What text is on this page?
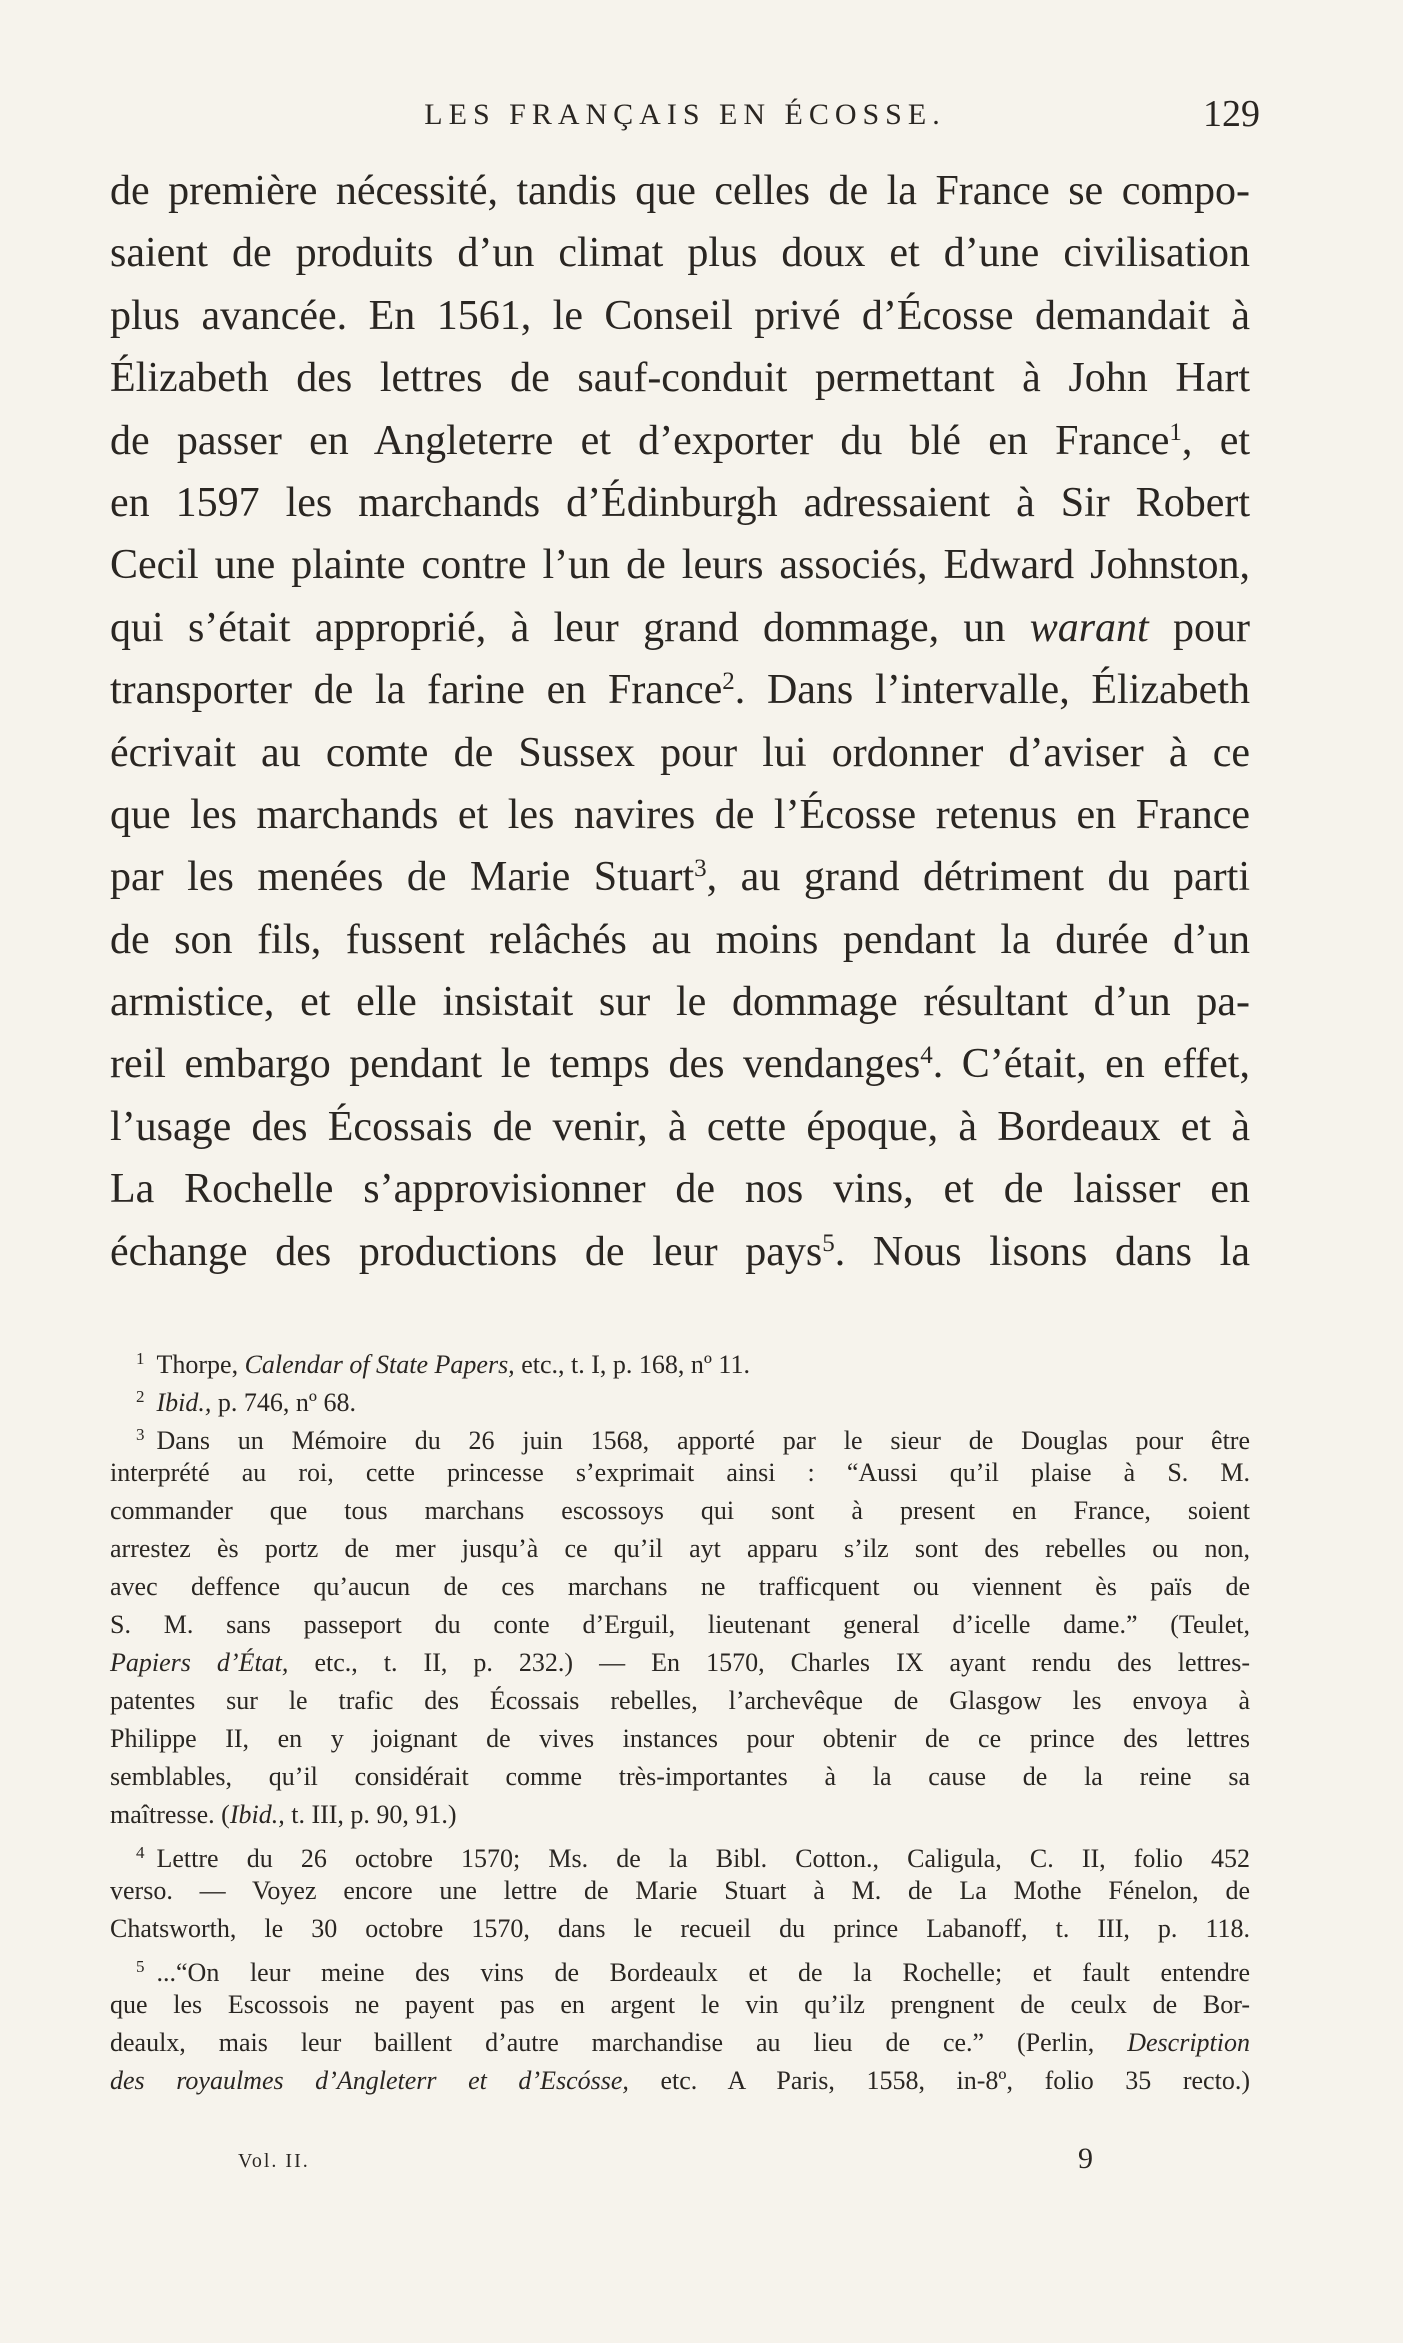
LES FRANÇAIS EN ÉCOSSE.	129
de première nécessité, tandis que celles de la France se compo-
saient de produits d’un climat plus doux et d’une civilisation
plus avancée. En 1561, le Conseil privé d’Écosse demandait à
Élizabeth des lettres de sauf-conduit permettant à John Hart
de passer en Angleterre et d’exporter du blé en France$^1$, et
en 1597 les marchands d’Édinburgh adressaient à Sir Robert
Cecil une plainte contre l’un de leurs associés, Edward Johnston,
qui s’était approprié, à leur grand dommage, un warant pour
transporter de la farine en France$^2$. Dans l’intervalle, Élizabeth
écrivait au comte de Sussex pour lui ordonner d’aviser à ce
que les marchands et les navires de l’Écosse retenus en France
par les menées de Marie Stuart$^3$, au grand détriment du parti
de son fils, fussent relâchés au moins pendant la durée d’un
armistice, et elle insistait sur le dommage résultant d’un pa-
reil embargo pendant le temps des vendanges$^4$. C’était, en effet,
l’usage des Écossais de venir, à cette époque, à Bordeaux et à
La Rochelle s’approvisionner de nos vins, et de laisser en
échange des productions de leur pays$^5$. Nous lisons dans la
$^1$ Thorpe, Calendar of State Papers, etc., t. I, p. 168, nº 11.
$^2$ Ibid., p. 746, nº 68.
$^3$ Dans un Mémoire du 26 juin 1568, apporté par le sieur de Douglas pour être
interprété au roi, cette princesse s’exprimait ainsi : “Aussi qu’il plaise à S. M.
commander que tous marchans escossoys qui sont à present en France, soient
arrestez ès portz de mer jusqu’à ce qu’il ayt apparu s’ilz sont des rebelles ou non,
avec deffence qu’aucun de ces marchans ne trafficquent ou viennent ès païs de
S. M. sans passeport du conte d’Erguil, lieutenant general d’icelle dame.” (Teulet,
Papiers d’État, etc., t. II, p. 232.) — En 1570, Charles IX ayant rendu des lettres-
patentes sur le trafic des Écossais rebelles, l’archevêque de Glasgow les envoya à
Philippe II, en y joignant de vives instances pour obtenir de ce prince des lettres
semblables, qu’il considérait comme très-importantes à la cause de la reine sa
maîtresse. (Ibid., t. III, p. 90, 91.)
$^4$ Lettre du 26 octobre 1570; Ms. de la Bibl. Cotton., Caligula, C. II, folio 452
verso. — Voyez encore une lettre de Marie Stuart à M. de La Mothe Fénelon, de
Chatsworth, le 30 octobre 1570, dans le recueil du prince Labanoff, t. III, p. 118.
$^5$ ...“On leur meine des vins de Bordeaulx et de la Rochelle; et fault entendre
que les Escossois ne payent pas en argent le vin qu’ilz prengnent de ceulx de Bor-
deaulx, mais leur baillent d’autre marchandise au lieu de ce.” (Perlin, Description
des royaulmes d’Angleterr et d’Escósse, etc. A Paris, 1558, in-8º, folio 35 recto.)
Vol. II.	9
